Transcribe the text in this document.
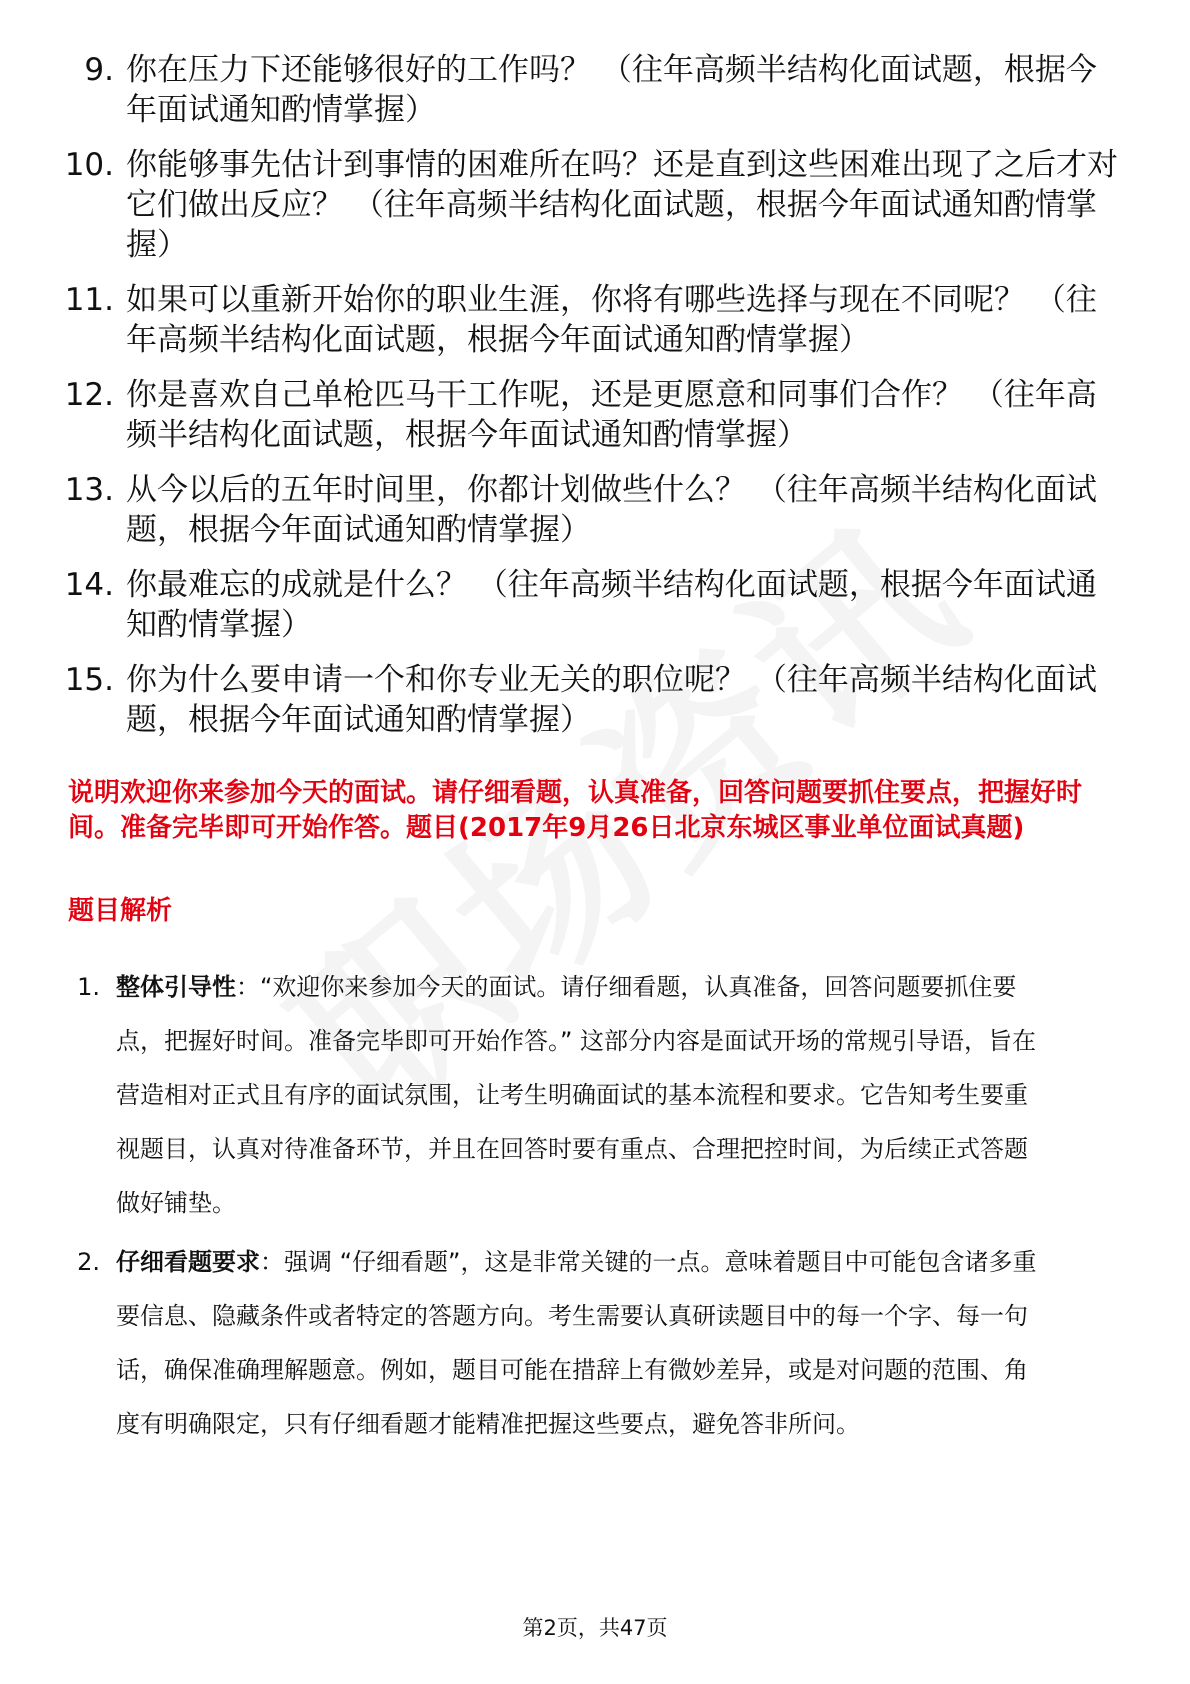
9. 你在压力下还能够很好的工作吗？ （往年高频半结构化面试题，根据今年面试通知酌情掌握）
10. 你能够事先估计到事情的困难所在吗？还是直到这些困难出现了之后才对它们做出反应？ （往年高频半结构化面试题，根据今年面试通知酌情掌握）
11. 如果可以重新开始你的职业生涯，你将有哪些选择与现在不同呢？ （往年高频半结构化面试题，根据今年面试通知酌情掌握）
12. 你是喜欢自己单枪匹马干工作呢，还是更愿意和同事们合作？ （往年高频半结构化面试题，根据今年面试通知酌情掌握）
13. 从今以后的五年时间里，你都计划做些什么？ （往年高频半结构化面试题，根据今年面试通知酌情掌握）
14. 你最难忘的成就是什么？ （往年高频半结构化面试题，根据今年面试通知酌情掌握）
15. 你为什么要申请一个和你专业无关的职位呢？ （往年高频半结构化面试题，根据今年面试通知酌情掌握）

说明欢迎你来参加今天的面试。请仔细看题，认真准备，回答问题要抓住要点，把握好时间。准备完毕即可开始作答。题目(2017年9月26日北京东城区事业单位面试真题)

题目解析

1. 整体引导性：“欢迎你来参加今天的面试。请仔细看题，认真准备，回答问题要抓住要点，把握好时间。准备完毕即可开始作答。” 这部分内容是面试开场的常规引导语，旨在营造相对正式且有序的面试氛围，让考生明确面试的基本流程和要求。它告知考生要重视题目，认真对待准备环节，并且在回答时要有重点、合理把控时间，为后续正式答题做好铺垫。
2. 仔细看题要求：强调 “仔细看题”，这是非常关键的一点。意味着题目中可能包含诸多重要信息、隐藏条件或者特定的答题方向。考生需要认真研读题目中的每一个字、每一句话，确保准确理解题意。例如，题目可能在措辞上有微妙差异，或是对问题的范围、角度有明确限定，只有仔细看题才能精准把握这些要点，避免答非所问。
第2页，共47页
